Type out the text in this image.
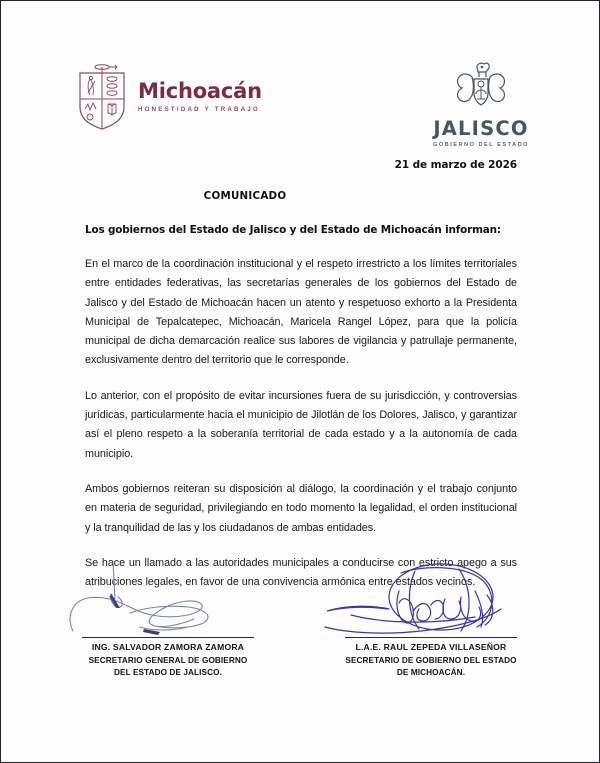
Michoacán
HONESTIDAD Y TRABAJO
JALISCO
GOBIERNO DEL ESTADO
21 de marzo de 2026
COMUNICADO
Los gobiernos del Estado de Jalisco y del Estado de Michoacán informan:

En el marco de la coordinación institucional y el respeto irrestricto a los límites territoriales entre entidades federativas, las secretarías generales de los gobiernos del Estado de Jalisco y del Estado de Michoacán hacen un atento y respetuoso exhorto a la Presidenta Municipal de Tepalcatepec, Michoacán, Maricela Rangel López, para que la policía municipal de dicha demarcación realice sus labores de vigilancia y patrullaje permanente, exclusivamente dentro del territorio que le corresponde.

Lo anterior, con el propósito de evitar incursiones fuera de su jurisdicción, y controversias jurídicas, particularmente hacia el municipio de Jilotlán de los Dolores, Jalisco, y garantizar así el pleno respeto a la soberanía territorial de cada estado y a la autonomía de cada municipio.

Ambos gobiernos reiteran su disposición al diálogo, la coordinación y el trabajo conjunto en materia de seguridad, privilegiando en todo momento la legalidad, el orden institucional y la tranquilidad de las y los ciudadanos de ambas entidades.

Se hace un llamado a las autoridades municipales a conducirse con estricto apego a sus atribuciones legales, en favor de una convivencia armónica entre estados vecinos.

ING. SALVADOR ZAMORA ZAMORA
SECRETARIO GENERAL DE GOBIERNO
DEL ESTADO DE JALISCO.
L.A.E. RAUL ZEPEDA VILLASEÑOR
SECRETARIO DE GOBIERNO DEL ESTADO
DE MICHOACÁN.
